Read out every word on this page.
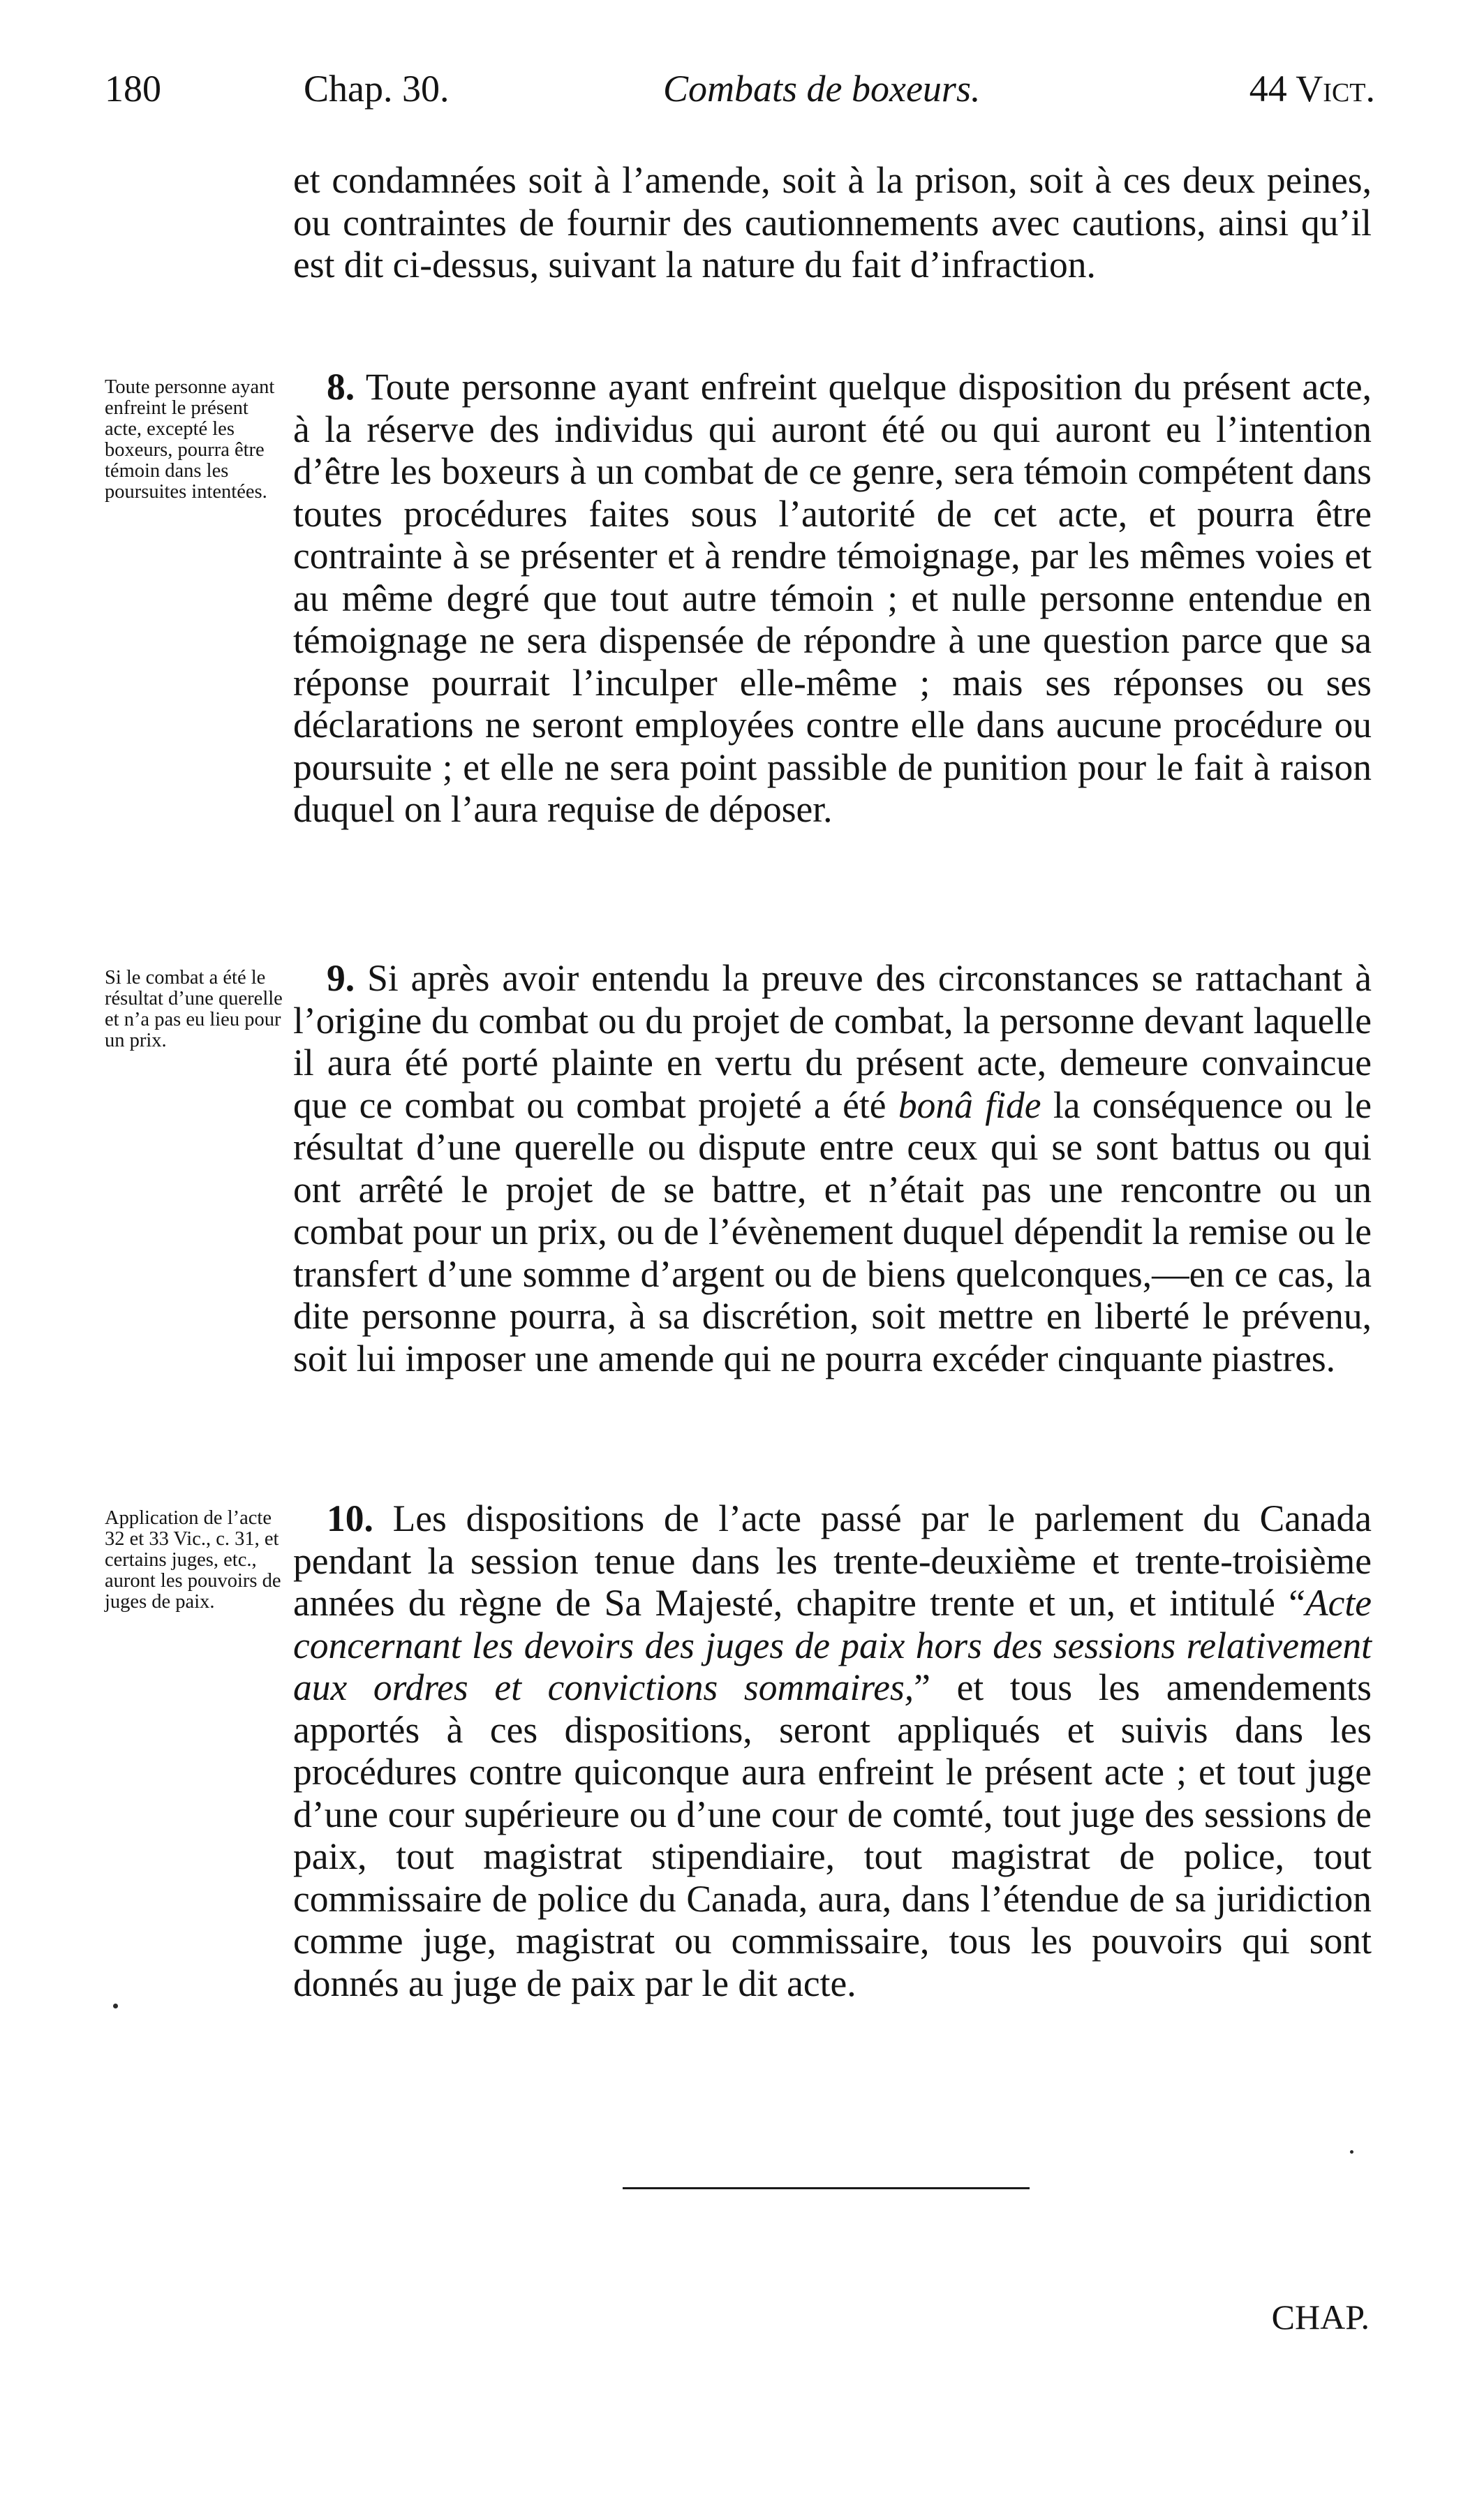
180	Chap. 30.	Combats de boxeurs.	44 Vict.

et condamnées soit à l’amende, soit à la prison, soit à ces deux peines, ou contraintes de fournir des cautionnements avec cautions, ainsi qu’il est dit ci-dessus, suivant la nature du fait d’infraction.

Toute personne ayant enfreint le présent acte, excepté les boxeurs, pourra être témoin dans les poursuites intentées.

8. Toute personne ayant enfreint quelque disposition du présent acte, à la réserve des individus qui auront été ou qui auront eu l’intention d’être les boxeurs à un combat de ce genre, sera témoin compétent dans toutes procédures faites sous l’autorité de cet acte, et pourra être contrainte à se présenter et à rendre témoignage, par les mêmes voies et au même degré que tout autre témoin ; et nulle personne entendue en témoignage ne sera dispensée de répondre à une question parce que sa réponse pourrait l’inculper elle-même ; mais ses réponses ou ses déclarations ne seront employées contre elle dans aucune procédure ou poursuite ; et elle ne sera point passible de punition pour le fait à raison duquel on l’aura requise de déposer.

Si le combat a été le résultat d’une querelle et n’a pas eu lieu pour un prix.

9. Si après avoir entendu la preuve des circonstances se rattachant à l’origine du combat ou du projet de combat, la personne devant laquelle il aura été porté plainte en vertu du présent acte, demeure convaincue que ce combat ou combat projeté a été bonâ fide la conséquence ou le résultat d’une querelle ou dispute entre ceux qui se sont battus ou qui ont arrêté le projet de se battre, et n’était pas une rencontre ou un combat pour un prix, ou de l’évènement duquel dépendit la remise ou le transfert d’une somme d’argent ou de biens quelconques,—en ce cas, la dite personne pourra, à sa discrétion, soit mettre en liberté le prévenu, soit lui imposer une amende qui ne pourra excéder cinquante piastres.

Application de l’acte 32 et 33 Vic., c. 31, et certains juges, etc., auront les pouvoirs de juges de paix.

10. Les dispositions de l’acte passé par le parlement du Canada pendant la session tenue dans les trente-deuxième et trente-troisième années du règne de Sa Majesté, chapitre trente et un, et intitulé “Acte concernant les devoirs des juges de paix hors des sessions relativement aux ordres et convictions sommaires,” et tous les amendements apportés à ces dispositions, seront appliqués et suivis dans les procédures contre quiconque aura enfreint le présent acte ; et tout juge d’une cour supérieure ou d’une cour de comté, tout juge des sessions de paix, tout magistrat stipendiaire, tout magistrat de police, tout commissaire de police du Canada, aura, dans l’étendue de sa juridiction comme juge, magistrat ou commissaire, tous les pouvoirs qui sont donnés au juge de paix par le dit acte.

CHAP.
